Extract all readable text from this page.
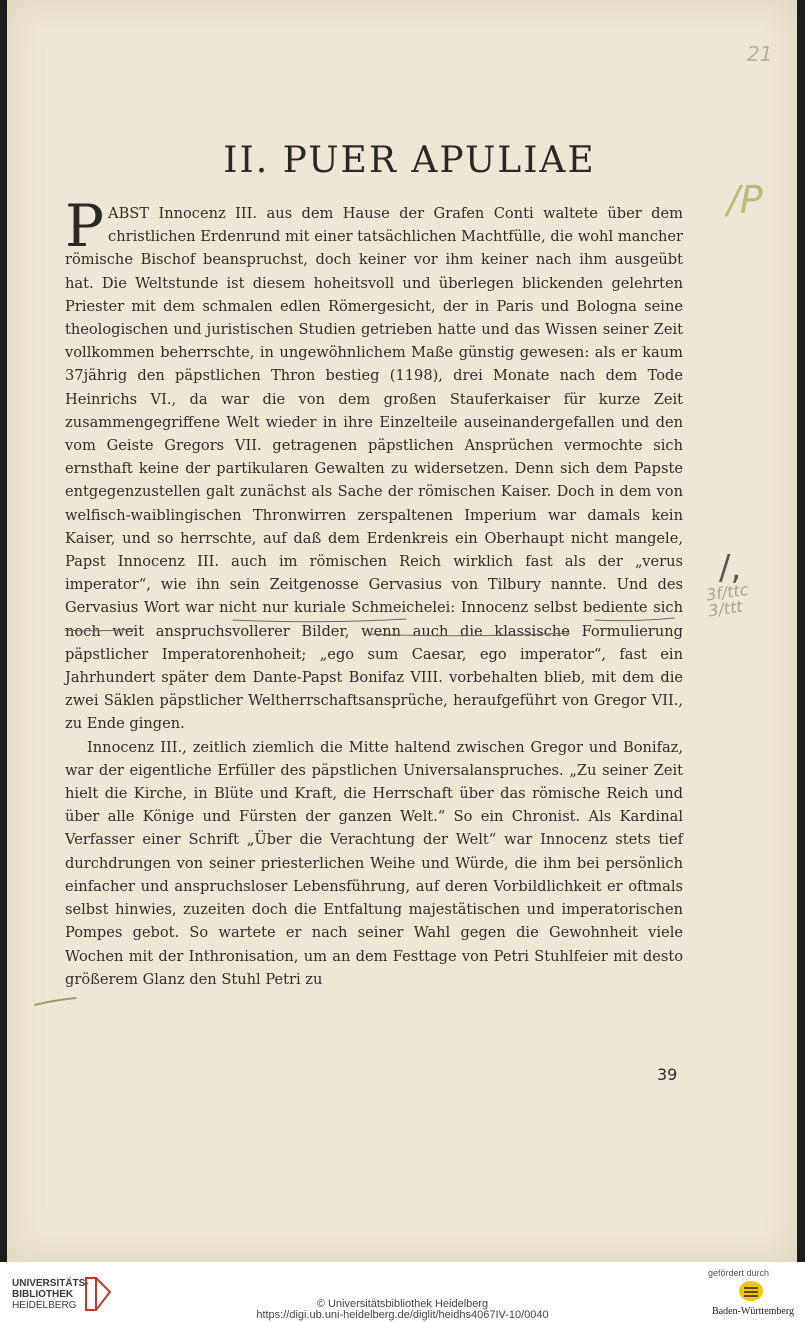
21
/P
/,
3f/ttc 3/ttt
II. PUER APULIAE

PABST Innocenz III. aus dem Hause der Grafen Conti waltete über dem christlichen Erdenrund mit einer tatsächlichen Machtfülle, die wohl mancher römische Bischof beanspruchst, doch keiner vor ihm keiner nach ihm ausgeübt hat. Die Weltstunde ist diesem hoheitsvoll und überlegen blickenden gelehrten Priester mit dem schmalen edlen Römergesicht, der in Paris und Bologna seine theologischen und juristischen Studien getrieben hatte und das Wissen seiner Zeit vollkommen beherrschte, in ungewöhnlichem Maße günstig gewesen: als er kaum 37jährig den päpstlichen Thron bestieg (1198), drei Monate nach dem Tode Heinrichs VI., da war die von dem großen Stauferkaiser für kurze Zeit zusammengegriffene Welt wieder in ihre Einzelteile auseinandergefallen und den vom Geiste Gregors VII. getragenen päpstlichen Ansprüchen vermochte sich ernsthaft keine der partikularen Gewalten zu widersetzen. Denn sich dem Papste entgegenzustellen galt zunächst als Sache der römischen Kaiser. Doch in dem von welfisch-waiblingischen Thronwirren zerspaltenen Imperium war damals kein Kaiser, und so herrschte, auf daß dem Erdenkreis ein Oberhaupt nicht mangele, Papst Innocenz III. auch im römischen Reich wirklich fast als der „verus imperator“, wie ihn sein Zeitgenosse Gervasius von Tilbury nannte. Und des Gervasius Wort war nicht nur kuriale Schmeichelei: Innocenz selbst bediente sich noch weit anspruchsvollerer Bilder, wenn auch die klassische Formulierung päpstlicher Imperatorenhoheit; „ego sum Caesar, ego imperator“, fast ein Jahrhundert später dem Dante-Papst Bonifaz VIII. vorbehalten blieb, mit dem die zwei Säklen päpstlicher Weltherrschaftsansprüche, heraufgeführt von Gregor VII., zu Ende gingen.

Innocenz III., zeitlich ziemlich die Mitte haltend zwischen Gregor und Bonifaz, war der eigentliche Erfüller des päpstlichen Universalanspruches. „Zu seiner Zeit hielt die Kirche, in Blüte und Kraft, die Herrschaft über das römische Reich und über alle Könige und Fürsten der ganzen Welt.“ So ein Chronist. Als Kardinal Verfasser einer Schrift „Über die Verachtung der Welt“ war Innocenz stets tief durchdrungen von seiner priesterlichen Weihe und Würde, die ihm bei persönlich einfacher und anspruchsloser Lebensführung, auf deren Vorbildlichkeit er oftmals selbst hinwies, zuzeiten doch die Entfaltung majestätischen und imperatorischen Pompes gebot. So wartete er nach seiner Wahl gegen die Gewohnheit viele Wochen mit der Inthronisation, um an dem Festtage von Petri Stuhlfeier mit desto größerem Glanz den Stuhl Petri zu

39
UNIVERSITÄTS-
BIBLIOTHEK
HEIDELBERG	© Universitätsbibliothek Heidelberg
https://digi.ub.uni-heidelberg.de/diglit/heidhs4067IV-10/0040
gefördert durch
Baden-Württemberg
